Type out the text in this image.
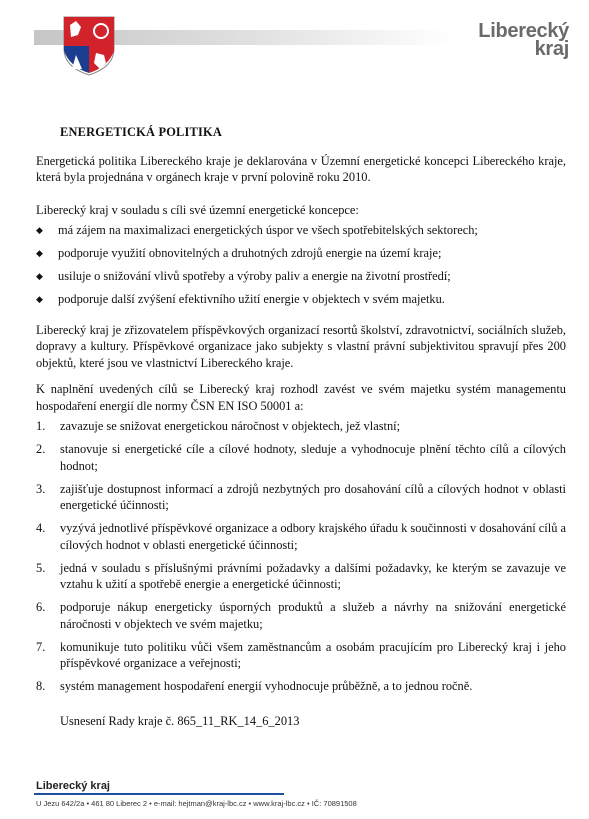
Liberecký
kraj
ENERGETICKÁ POLITIKA

Energetická politika Libereckého kraje je deklarována v Územní energetické koncepci Libereckého kraje, která byla projednána v orgánech kraje v první polovině roku 2010.

Liberecký kraj v souladu s cíli své územní energetické koncepce:

◆ má zájem na maximalizaci energetických úspor ve všech spotřebitelských sektorech;
◆ podporuje využití obnovitelných a druhotných zdrojů energie na území kraje;
◆ usiluje o snižování vlivů spotřeby a výroby paliv a energie na životní prostředí;
◆ podporuje další zvýšení efektivního užití energie v objektech v svém majetku.

Liberecký kraj je zřizovatelem příspěvkových organizací resortů školství, zdravotnictví, sociálních služeb, dopravy a kultury. Příspěvkové organizace jako subjekty s vlastní právní subjektivitou spravují přes 200 objektů, které jsou ve vlastnictví Libereckého kraje.

K naplnění uvedených cílů se Liberecký kraj rozhodl zavést ve svém majetku systém managementu hospodaření energií dle normy ČSN EN ISO 50001 a:

1. zavazuje se snižovat energetickou náročnost v objektech, jež vlastní;
2. stanovuje si energetické cíle a cílové hodnoty, sleduje a vyhodnocuje plnění těchto cílů a cílových hodnot;
3. zajišťuje dostupnost informací a zdrojů nezbytných pro dosahování cílů a cílových hodnot v oblasti energetické účinnosti;
4. vyzývá jednotlivé příspěvkové organizace a odbory krajského úřadu k součinnosti v dosahování cílů a cílových hodnot v oblasti energetické účinnosti;
5. jedná v souladu s příslušnými právními požadavky a dalšími požadavky, ke kterým se zavazuje ve vztahu k užití a spotřebě energie a energetické účinnosti;
6. podporuje nákup energeticky úsporných produktů a služeb a návrhy na snižování energetické náročnosti v objektech ve svém majetku;
7. komunikuje tuto politiku vůči všem zaměstnancům a osobám pracujícím pro Liberecký kraj i jeho příspěvkové organizace a veřejnosti;
8. systém management hospodaření energií vyhodnocuje průběžně, a to jednou ročně.
Usnesení Rady kraje č. 865_11_RK_14_6_2013
Liberecký kraj
U Jezu 642/2a • 461 80 Liberec 2 • e-mail: hejtman@kraj-lbc.cz • www.kraj-lbc.cz • IČ: 70891508
